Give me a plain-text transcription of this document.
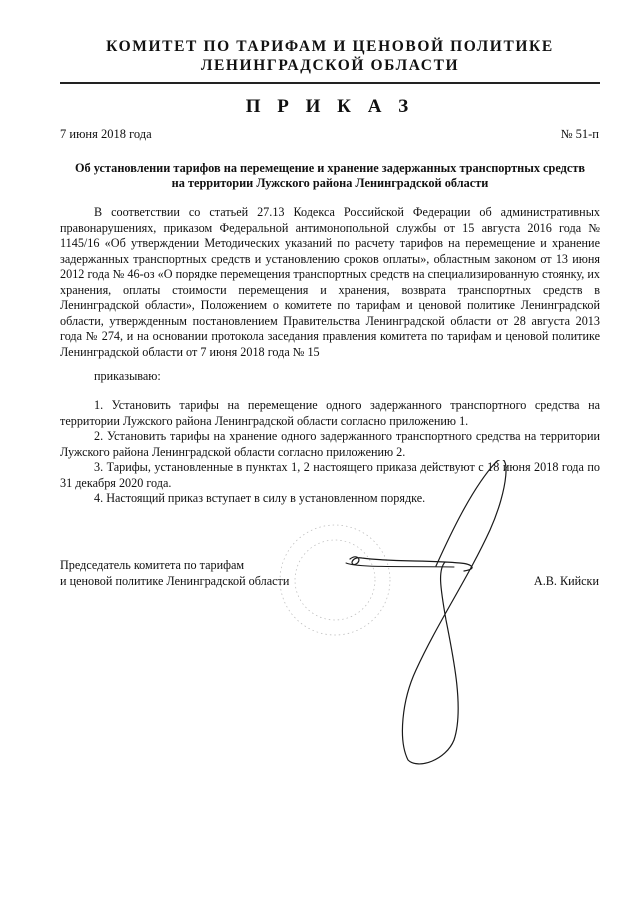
КОМИТЕТ ПО ТАРИФАМ И ЦЕНОВОЙ ПОЛИТИКЕ
ЛЕНИНГРАДСКОЙ ОБЛАСТИ
П Р И К А З
7 июня 2018 года	№ 51-п
Об установлении тарифов на перемещение и хранение задержанных транспортных средств
на территории Лужского района Ленинградской области
В соответствии со статьей 27.13 Кодекса Российской Федерации об административных правонарушениях, приказом Федеральной антимонопольной службы от 15 августа 2016 года № 1145/16 «Об утверждении Методических указаний по расчету тарифов на перемещение и хранение задержанных транспортных средств и установлению сроков оплаты», областным законом от 13 июня 2012 года № 46-оз «О порядке перемещения транспортных средств на специализированную стоянку, их хранения, оплаты стоимости перемещения и хранения, возврата транспортных средств в Ленинградской области», Положением о комитете по тарифам и ценовой политике Ленинградской области, утвержденным постановлением Правительства Ленинградской области от 28 августа 2013 года № 274, и на основании протокола заседания правления комитета по тарифам и ценовой политике Ленинградской области от 7 июня 2018 года № 15
приказываю:

1. Установить тарифы на перемещение одного задержанного транспортного средства на территории Лужского района Ленинградской области согласно приложению 1.

2. Установить тарифы на хранение одного задержанного транспортного средства на территории Лужского района Ленинградской области согласно приложению 2.

3. Тарифы, установленные в пунктах 1, 2 настоящего приказа действуют с 18 июня 2018 года по 31 декабря 2020 года.

4. Настоящий приказ вступает в силу в установленном порядке.

Председатель комитета по тарифам
и ценовой политике Ленинградской области	А.В. Кийски
